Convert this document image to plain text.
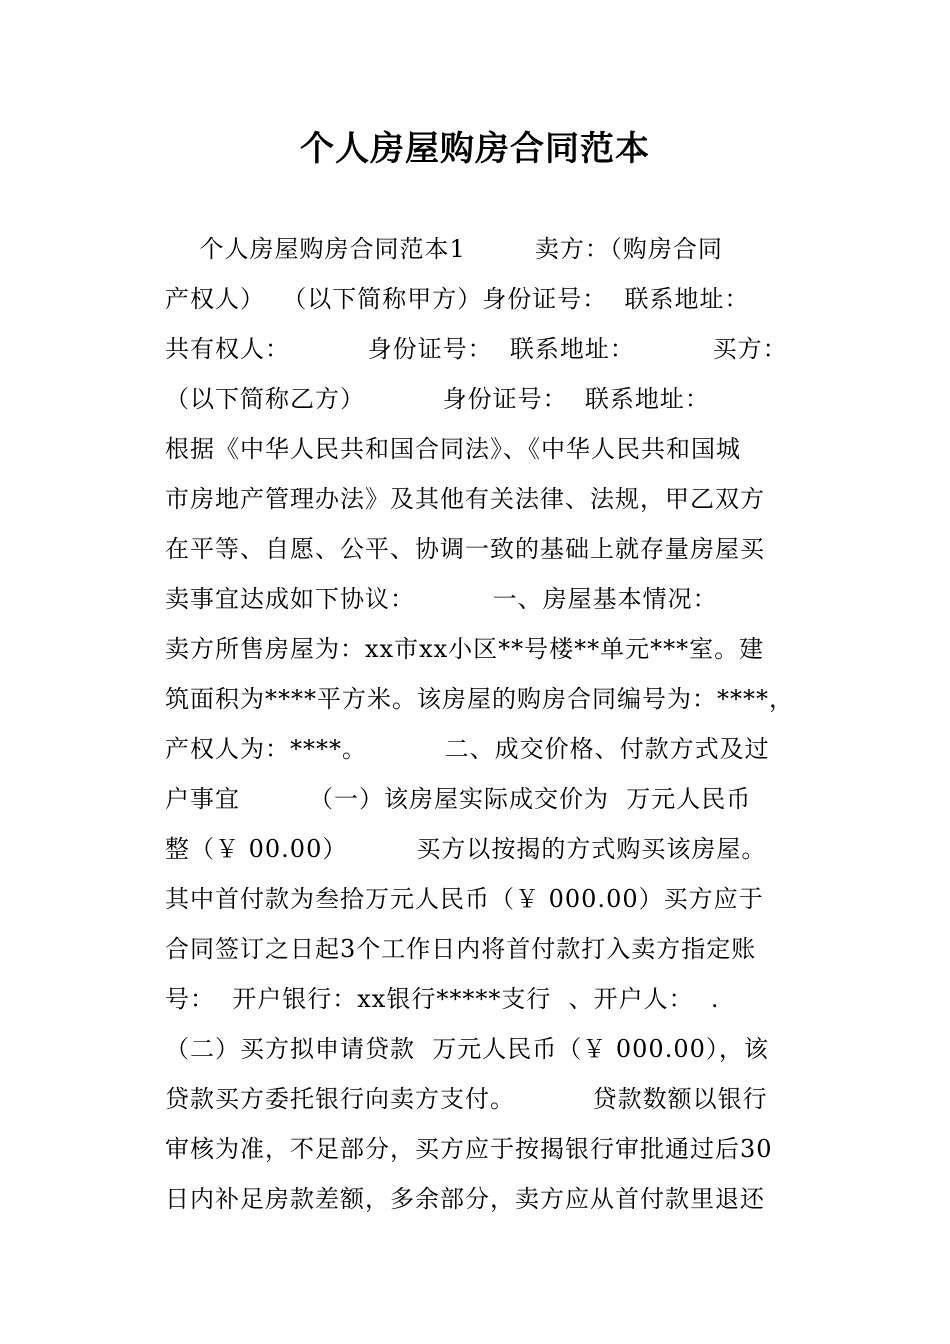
个人房屋购房合同范本
个人房屋购房合同范本1        卖方：（购房合同
产权人）  （以下简称甲方）身份证号：  联系地址：
共有权人：         身份证号：  联系地址：         买方：
（以下简称乙方）         身份证号：  联系地址：
根据《中华人民共和国合同法》、《中华人民共和国城
市房地产管理办法》及其他有关法律、法规，甲乙双方
在平等、自愿、公平、协调一致的基础上就存量房屋买
卖事宜达成如下协议：         一、房屋基本情况：
卖方所售房屋为：xx市xx小区**号楼**单元***室。建
筑面积为****平方米。该房屋的购房合同编号为：****，
产权人为：****。         二、成交价格、付款方式及过
户事宜        （一）该房屋实际成交价为  万元人民币
整（￥ 00.00）        买方以按揭的方式购买该房屋。
其中首付款为叁拾万元人民币（￥ 000.00）买方应于
合同签订之日起3个工作日内将首付款打入卖方指定账
号：  开户银行：xx银行*****支行  、开户人：  .
（二）买方拟申请贷款  万元人民币（￥ 000.00），该
贷款买方委托银行向卖方支付。         贷款数额以银行
审核为准，不足部分，买方应于按揭银行审批通过后30
日内补足房款差额，多余部分，卖方应从首付款里退还
